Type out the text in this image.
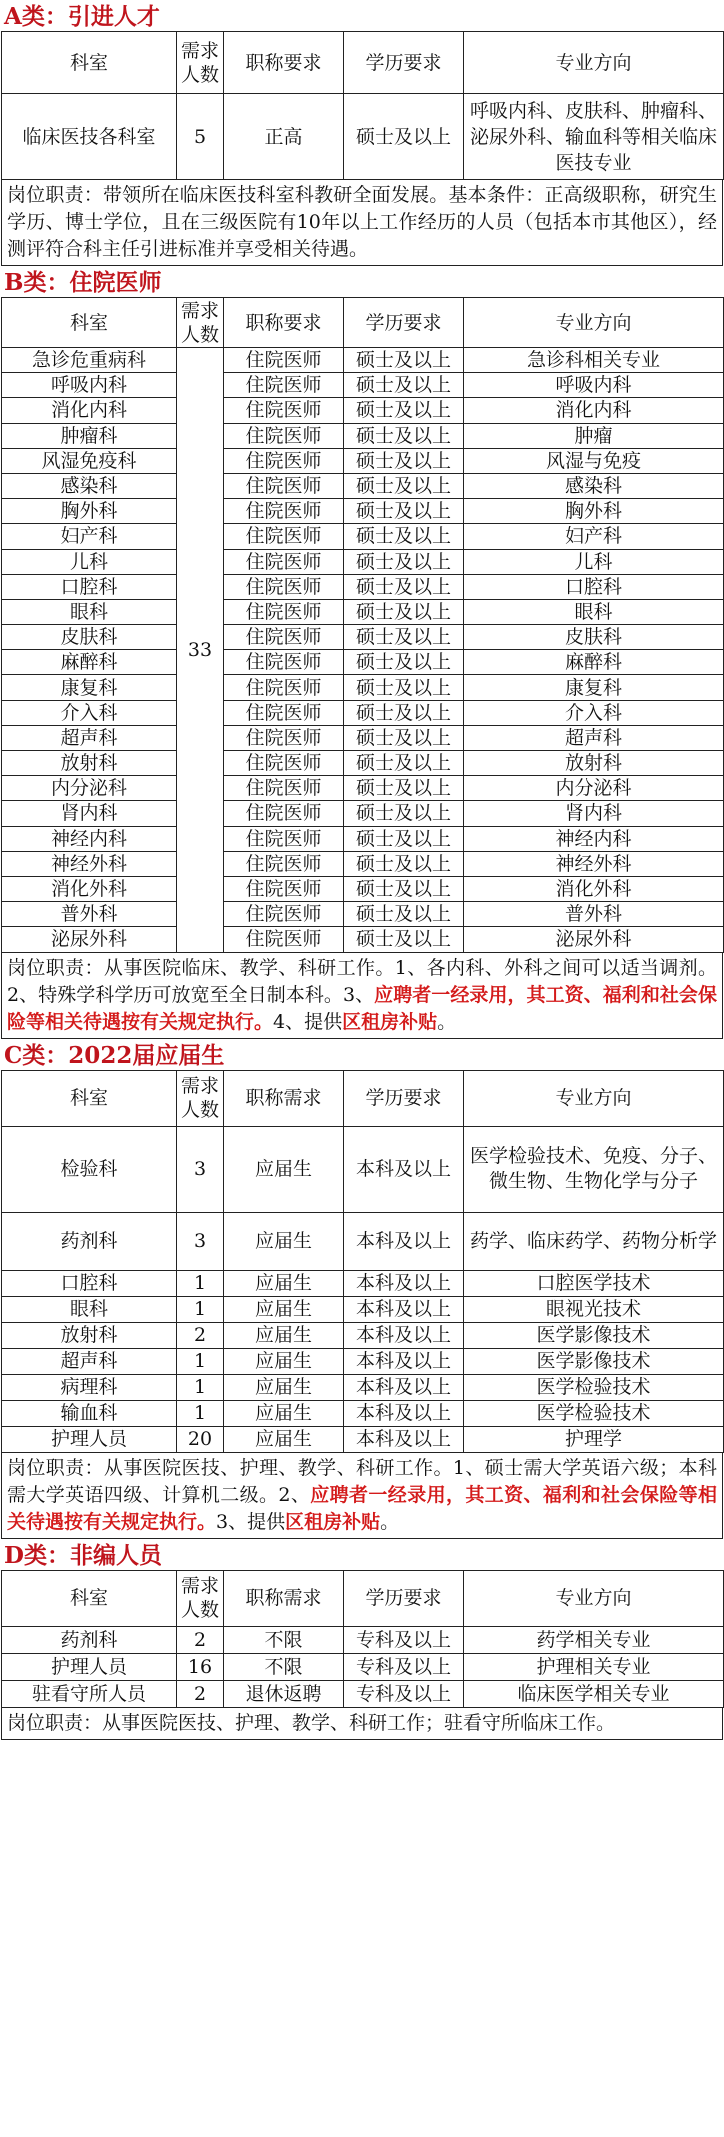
A类：引进人才
科室	需求人数	职称要求	学历要求	专业方向
临床医技各科室	5	正高	硕士及以上	呼吸内科、皮肤科、肿瘤科、泌尿外科、输血科等相关临床医技专业
岗位职责：带领所在临床医技科室科教研全面发展。基本条件：正高级职称，研究生学历、博士学位，且在三级医院有10年以上工作经历的人员（包括本市其他区），经测评符合科主任引进标准并享受相关待遇。
B类：住院医师
科室	需求人数	职称要求	学历要求	专业方向
急诊危重病科	33	住院医师	硕士及以上	急诊科相关专业
呼吸内科		住院医师	硕士及以上	呼吸内科
消化内科		住院医师	硕士及以上	消化内科
肿瘤科		住院医师	硕士及以上	肿瘤
风湿免疫科		住院医师	硕士及以上	风湿与免疫
感染科		住院医师	硕士及以上	感染科
胸外科		住院医师	硕士及以上	胸外科
妇产科		住院医师	硕士及以上	妇产科
儿科		住院医师	硕士及以上	儿科
口腔科		住院医师	硕士及以上	口腔科
眼科		住院医师	硕士及以上	眼科
皮肤科		住院医师	硕士及以上	皮肤科
麻醉科		住院医师	硕士及以上	麻醉科
康复科		住院医师	硕士及以上	康复科
介入科		住院医师	硕士及以上	介入科
超声科		住院医师	硕士及以上	超声科
放射科		住院医师	硕士及以上	放射科
内分泌科		住院医师	硕士及以上	内分泌科
肾内科		住院医师	硕士及以上	肾内科
神经内科		住院医师	硕士及以上	神经内科
神经外科		住院医师	硕士及以上	神经外科
消化外科		住院医师	硕士及以上	消化外科
普外科		住院医师	硕士及以上	普外科
泌尿外科		住院医师	硕士及以上	泌尿外科
岗位职责：从事医院临床、教学、科研工作。1、各内科、外科之间可以适当调剂。2、特殊学科学历可放宽至全日制本科。3、应聘者一经录用，其工资、福利和社会保险等相关待遇按有关规定执行。4、提供区租房补贴。
C类：2022届应届生
科室	需求人数	职称需求	学历要求	专业方向
检验科	3	应届生	本科及以上	医学检验技术、免疫、分子、微生物、生物化学与分子
药剂科	3	应届生	本科及以上	药学、临床药学、药物分析学
口腔科	1	应届生	本科及以上	口腔医学技术
眼科	1	应届生	本科及以上	眼视光技术
放射科	2	应届生	本科及以上	医学影像技术
超声科	1	应届生	本科及以上	医学影像技术
病理科	1	应届生	本科及以上	医学检验技术
输血科	1	应届生	本科及以上	医学检验技术
护理人员	20	应届生	本科及以上	护理学
岗位职责：从事医院医技、护理、教学、科研工作。1、硕士需大学英语六级；本科需大学英语四级、计算机二级。2、应聘者一经录用，其工资、福利和社会保险等相关待遇按有关规定执行。3、提供区租房补贴。
D类：非编人员
科室	需求人数	职称需求	学历要求	专业方向
药剂科	2	不限	专科及以上	药学相关专业
护理人员	16	不限	专科及以上	护理相关专业
驻看守所人员	2	退休返聘	专科及以上	临床医学相关专业
岗位职责：从事医院医技、护理、教学、科研工作；驻看守所临床工作。
